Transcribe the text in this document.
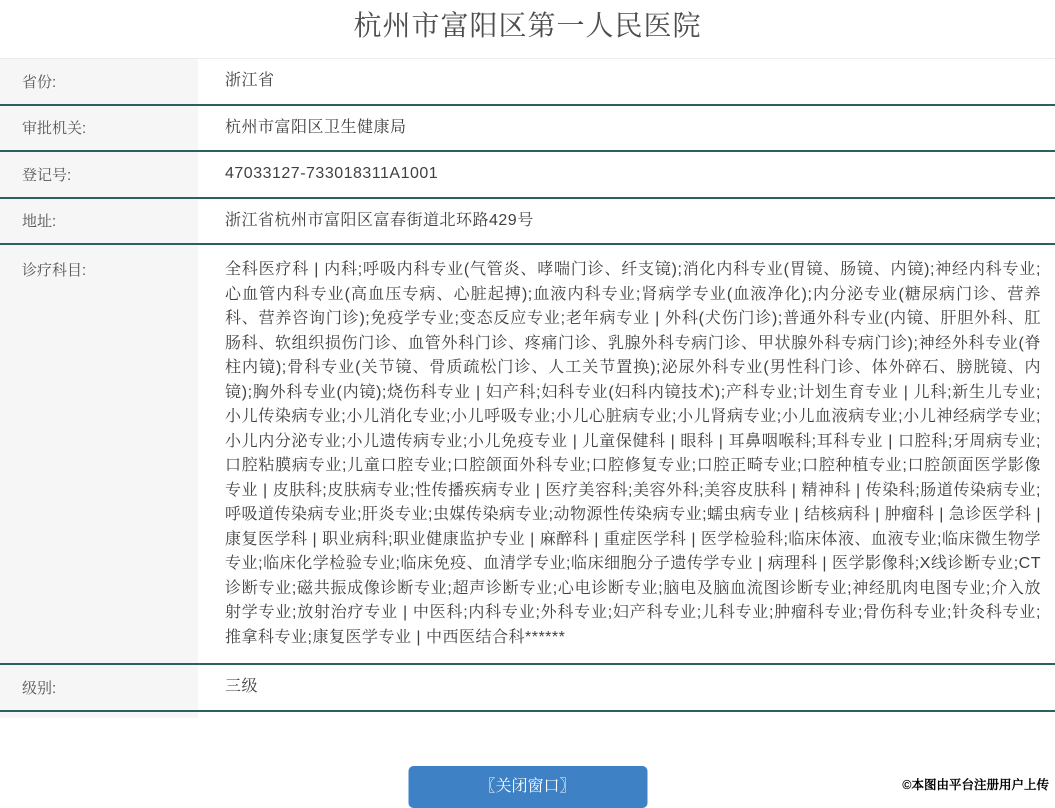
杭州市富阳区第一人民医院
省份:	浙江省
审批机关:	杭州市富阳区卫生健康局
登记号:	47033127-733018311A1001
地址:	浙江省杭州市富阳区富春街道北环路429号
诊疗科目:	全科医疗科 | 内科;呼吸内科专业(气管炎、哮喘门诊、纤支镜);消化内科专业(胃镜、肠镜、内镜);神经内科专业;心血管内科专业(高血压专病、心脏起搏);血液内科专业;肾病学专业(血液净化);内分泌专业(糖尿病门诊、营养科、营养咨询门诊);免疫学专业;变态反应专业;老年病专业 | 外科(犬伤门诊);普通外科专业(内镜、肝胆外科、肛肠科、软组织损伤门诊、血管外科门诊、疼痛门诊、乳腺外科专病门诊、甲状腺外科专病门诊);神经外科专业(脊柱内镜);骨科专业(关节镜、骨质疏松门诊、人工关节置换);泌尿外科专业(男性科门诊、体外碎石、膀胱镜、内镜);胸外科专业(内镜);烧伤科专业 | 妇产科;妇科专业(妇科内镜技术);产科专业;计划生育专业 | 儿科;新生儿专业;小儿传染病专业;小儿消化专业;小儿呼吸专业;小儿心脏病专业;小儿肾病专业;小儿血液病专业;小儿神经病学专业;小儿内分泌专业;小儿遗传病专业;小儿免疫专业 | 儿童保健科 | 眼科 | 耳鼻咽喉科;耳科专业 | 口腔科;牙周病专业;口腔粘膜病专业;儿童口腔专业;口腔颌面外科专业;口腔修复专业;口腔正畸专业;口腔种植专业;口腔颌面医学影像专业 | 皮肤科;皮肤病专业;性传播疾病专业 | 医疗美容科;美容外科;美容皮肤科 | 精神科 | 传染科;肠道传染病专业;呼吸道传染病专业;肝炎专业;虫媒传染病专业;动物源性传染病专业;蠕虫病专业 | 结核病科 | 肿瘤科 | 急诊医学科 | 康复医学科 | 职业病科;职业健康监护专业 | 麻醉科 | 重症医学科 | 医学检验科;临床体液、血液专业;临床微生物学专业;临床化学检验专业;临床免疫、血清学专业;临床细胞分子遗传学专业 | 病理科 | 医学影像科;X线诊断专业;CT诊断专业;磁共振成像诊断专业;超声诊断专业;心电诊断专业;脑电及脑血流图诊断专业;神经肌肉电图专业;介入放射学专业;放射治疗专业 | 中医科;内科专业;外科专业;妇产科专业;儿科专业;肿瘤科专业;骨伤科专业;针灸科专业;推拿科专业;康复医学专业 | 中西医结合科******
级别:	三级
〖关闭窗口〗	©本图由平台注册用户上传
